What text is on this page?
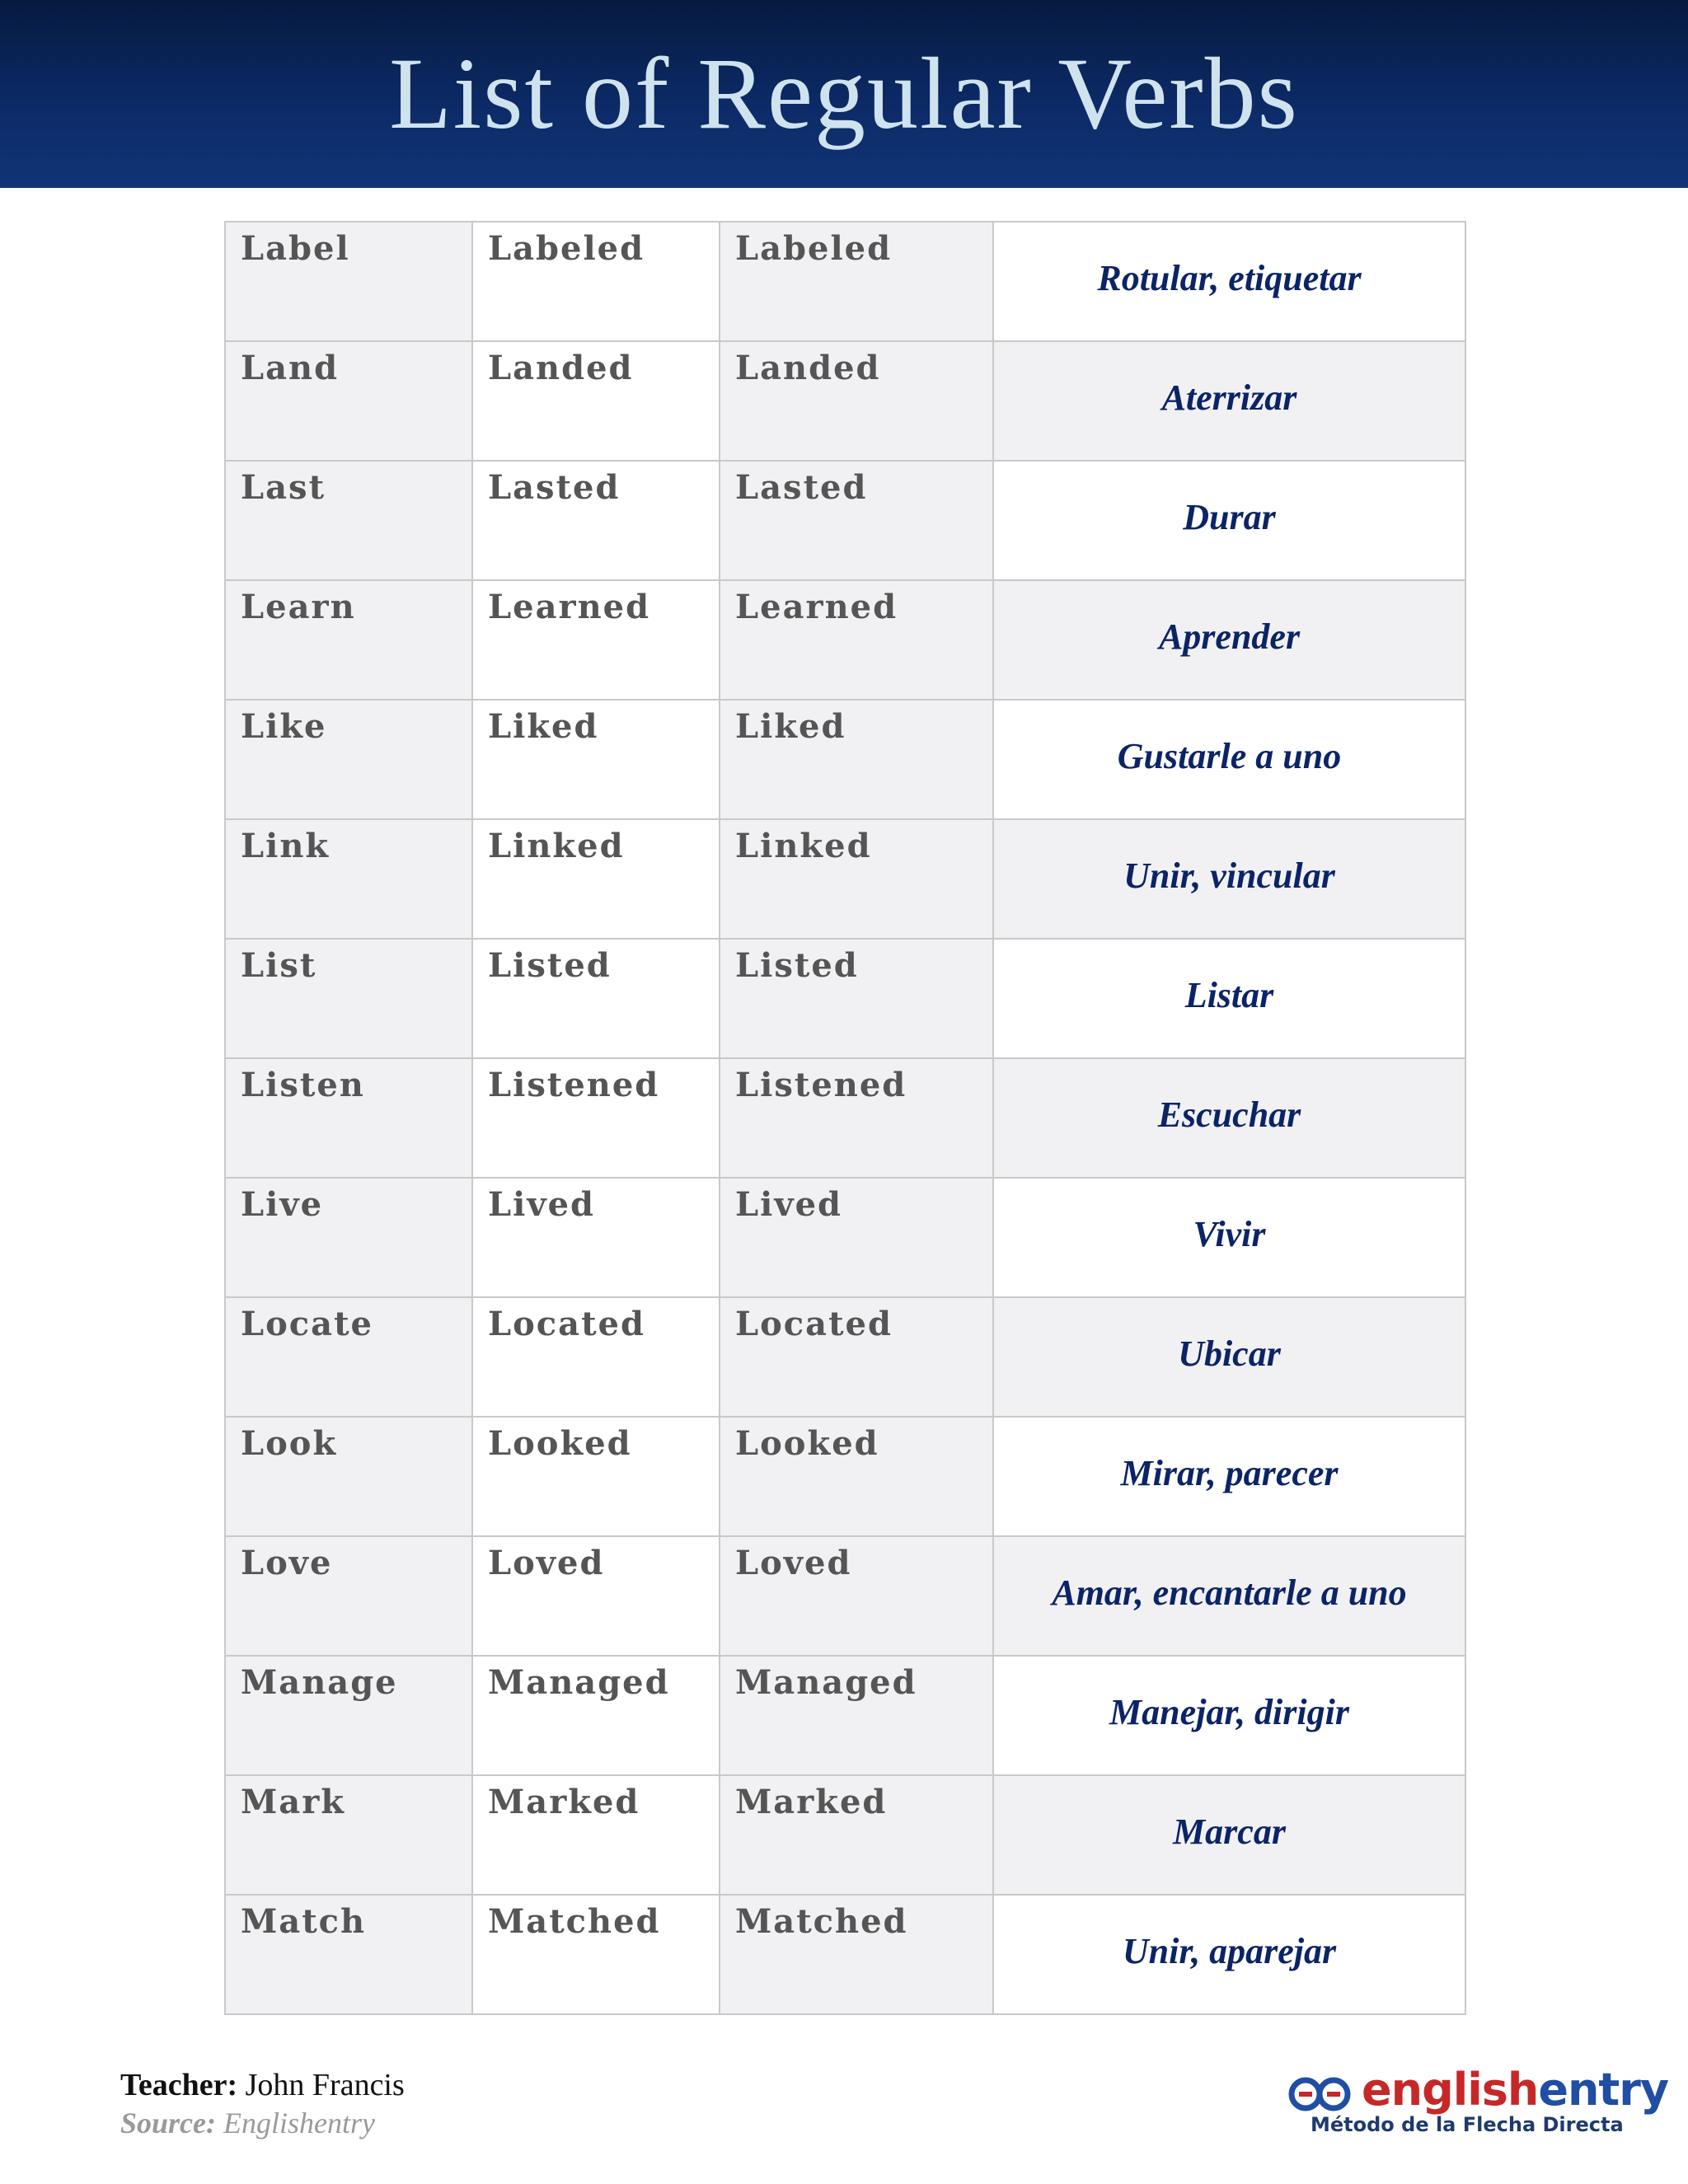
List of Regular Verbs
Label	Labeled	Labeled	Rotular, etiquetar
Land	Landed	Landed	Aterrizar
Last	Lasted	Lasted	Durar
Learn	Learned	Learned	Aprender
Like	Liked	Liked	Gustarle a uno
Link	Linked	Linked	Unir, vincular
List	Listed	Listed	Listar
Listen	Listened	Listened	Escuchar
Live	Lived	Lived	Vivir
Locate	Located	Located	Ubicar
Look	Looked	Looked	Mirar, parecer
Love	Loved	Loved	Amar, encantarle a uno
Manage	Managed	Managed	Manejar, dirigir
Mark	Marked	Marked	Marcar
Match	Matched	Matched	Unir, aparejar
Teacher: John Francis
Source: Englishentry
englishentry
Método de la Flecha Directa
